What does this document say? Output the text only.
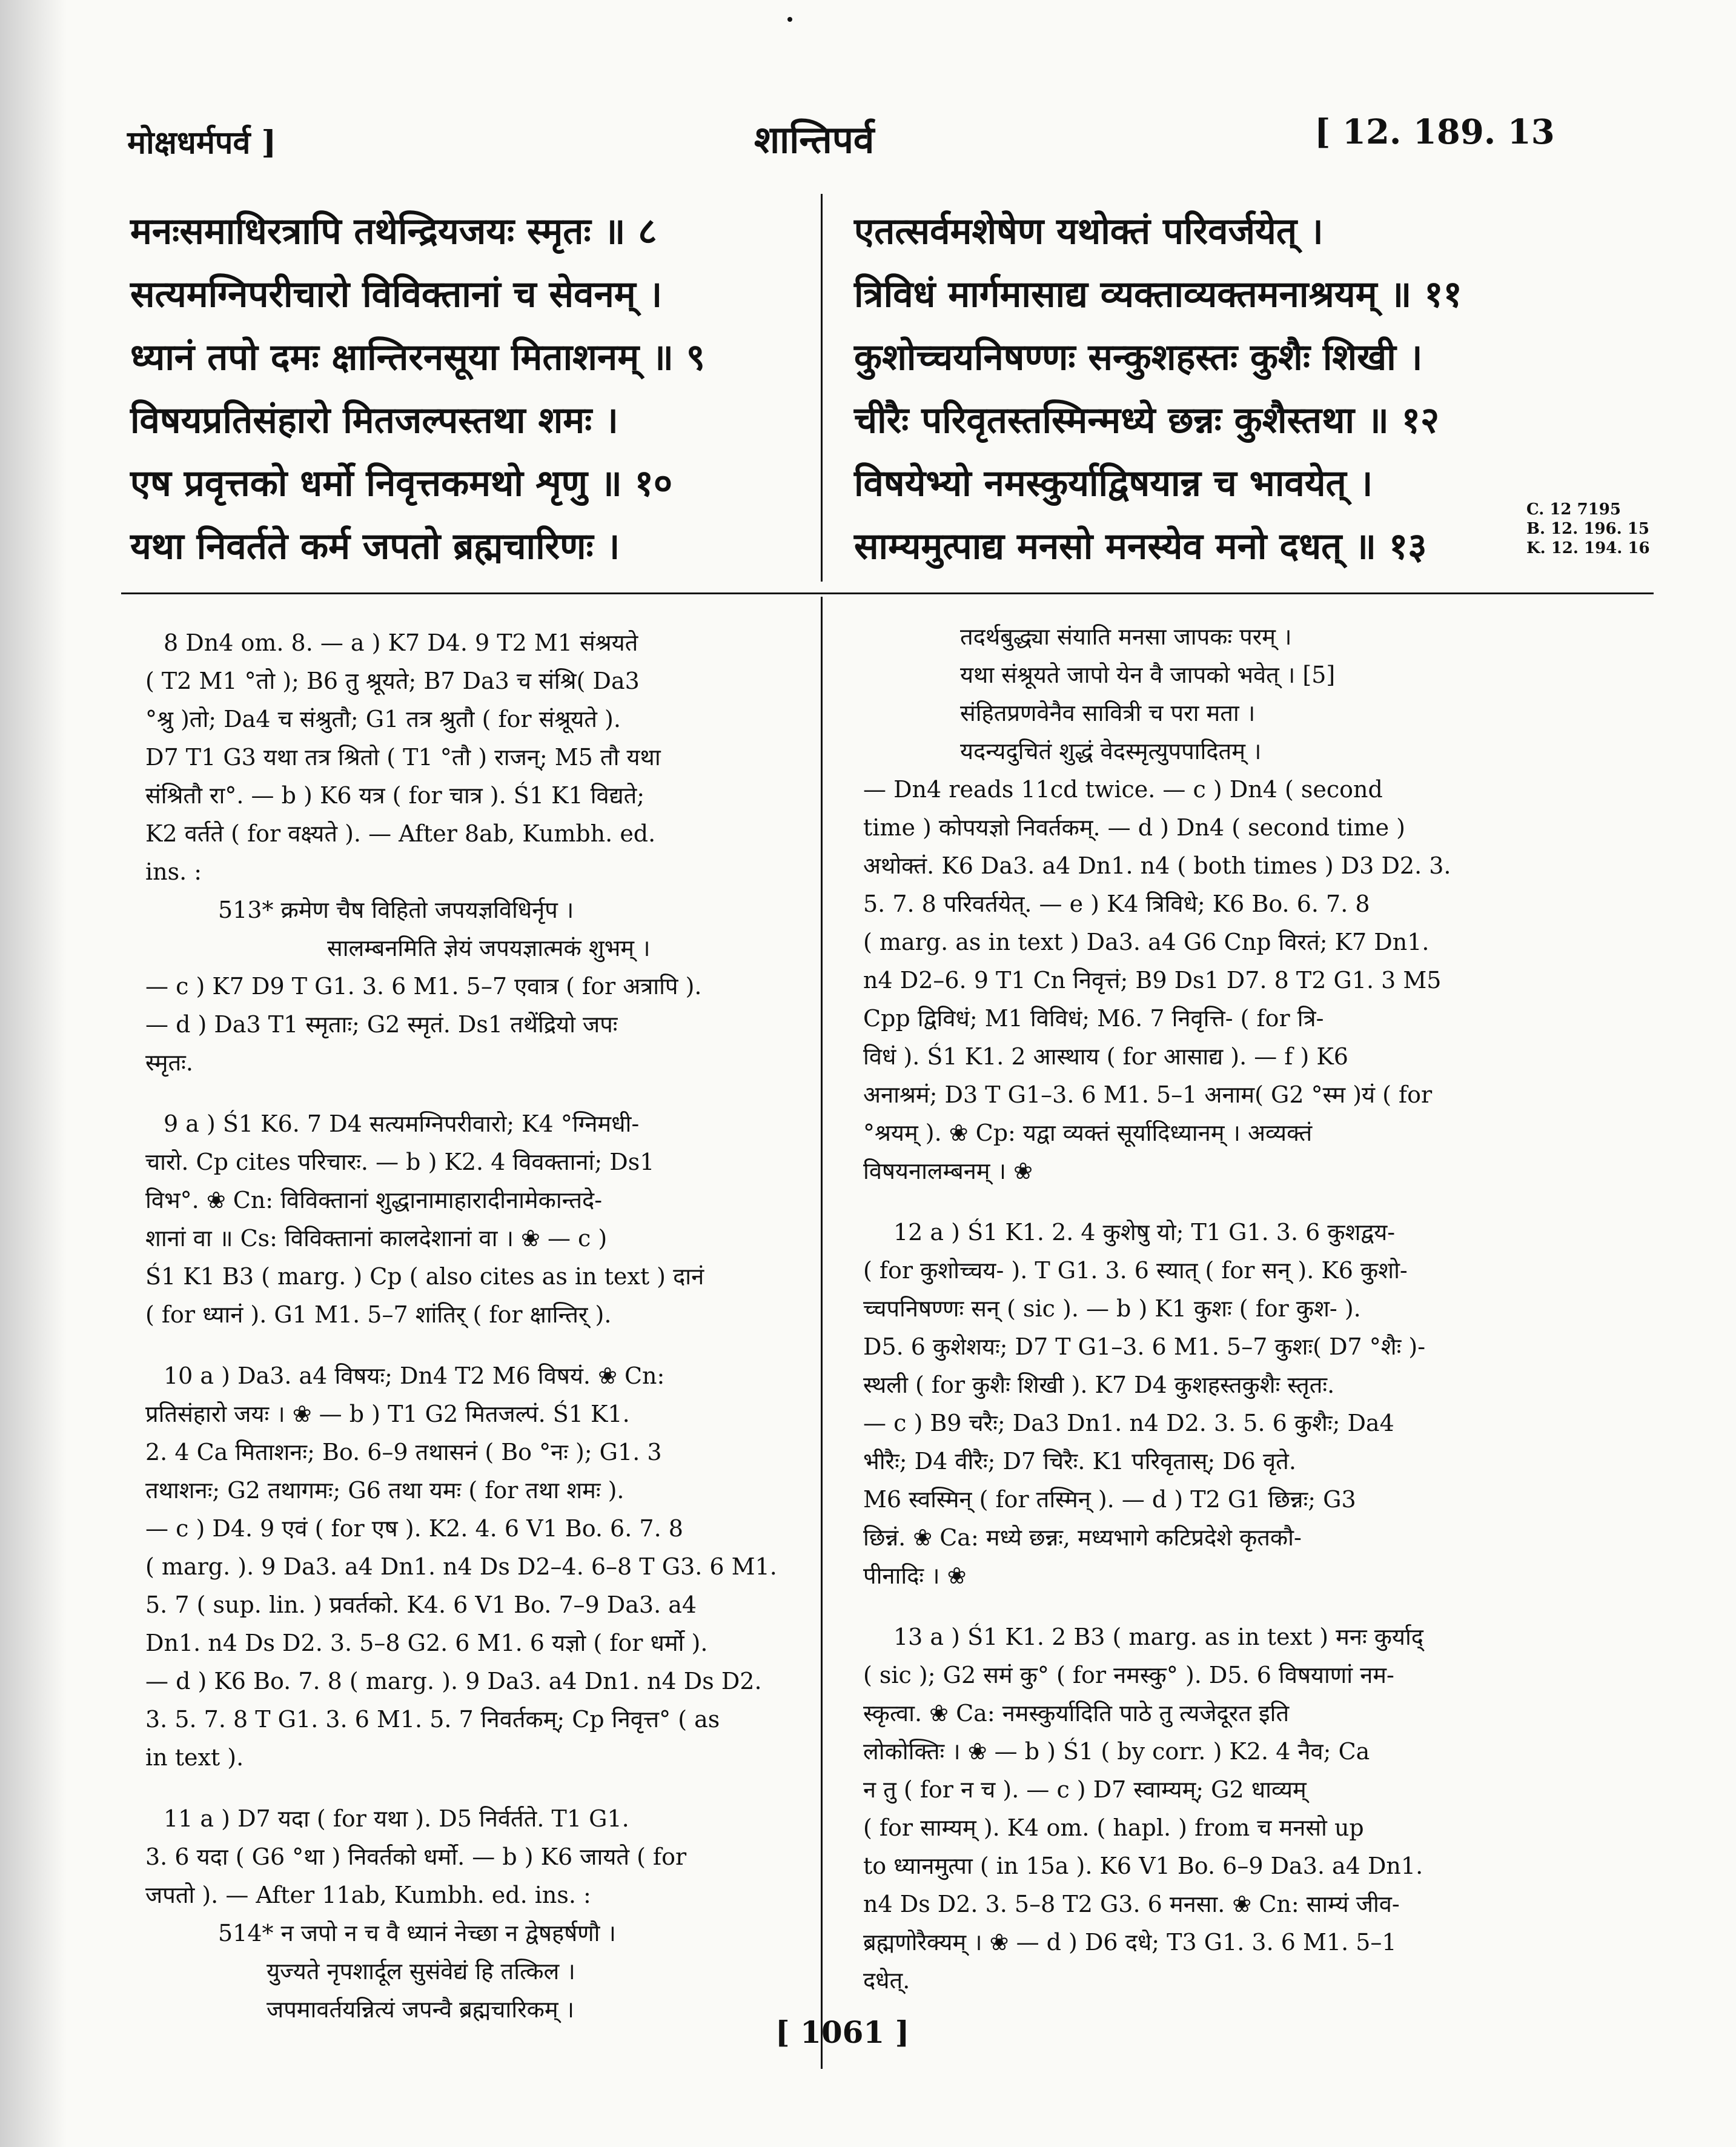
मोक्षधर्मपर्व ]	शान्तिपर्व	[ 12. 189. 13
मनःसमाधिरत्रापि तथेन्द्रियजयः स्मृतः ॥ ८
सत्यमग्निपरीचारो विविक्तानां च सेवनम् ।
ध्यानं तपो दमः क्षान्तिरनसूया मिताशनम् ॥ ९
विषयप्रतिसंहारो मितजल्पस्तथा शमः ।
एष प्रवृत्तको धर्मो निवृत्तकमथो शृणु ॥ १०
यथा निवर्तते कर्म जपतो ब्रह्मचारिणः ।
एतत्सर्वमशेषेण यथोक्तं परिवर्जयेत् ।
त्रिविधं मार्गमासाद्य व्यक्ताव्यक्तमनाश्रयम् ॥ ११
कुशोच्चयनिषण्णः सन्कुशहस्तः कुशैः शिखी ।
चीरैः परिवृतस्तस्मिन्मध्ये छन्नः कुशैस्तथा ॥ १२
विषयेभ्यो नमस्कुर्याद्विषयान्न च भावयेत् ।
साम्यमुत्पाद्य मनसो मनस्येव मनो दधत् ॥ १३
C. 12 7195
B. 12. 196. 15
K. 12. 194. 16

8 Dn4 om. 8. — a ) K7 D4. 9 T2 M1 संश्रयते

( T2 M1 °तो ); B6 तु श्रूयते; B7 Da3 च संश्रि( Da3

°श्रु )तो; Da4 च संश्रुतौ; G1 तत्र श्रुतौ ( for संश्रूयते ).

D7 T1 G3 यथा तत्र श्रितो ( T1 °तौ ) राजन्; M5 तौ यथा

संश्रितौ रा°. — b ) K6 यत्र ( for चात्र ). Ś1 K1 विद्यते;

K2 वर्तते ( for वक्ष्यते ). — After 8ab, Kumbh. ed.

ins. :

513* क्रमेण चैष विहितो जपयज्ञविधिर्नृप ।

सालम्बनमिति ज्ञेयं जपयज्ञात्मकं शुभम् ।

— c ) K7 D9 T G1. 3. 6 M1. 5–7 एवात्र ( for अत्रापि ).

— d ) Da3 T1 स्मृताः; G2 स्मृतं. Ds1 तथेंद्रियो जपः

स्मृतः.

9 a ) Ś1 K6. 7 D4 सत्यमग्निपरीवारो; K4 °ग्निमधी-

चारो. Cp cites परिचारः. — b ) K2. 4 विवक्तानां; Ds1

विभ°. ❀ Cn: विविक्तानां शुद्धानामाहारादीनामेकान्तदे-

शानां वा ॥ Cs: विविक्तानां कालदेशानां वा । ❀ — c )

Ś1 K1 B3 ( marg. ) Cp ( also cites as in text ) दानं

( for ध्यानं ). G1 M1. 5–7 शांतिर् ( for क्षान्तिर् ).

10 a ) Da3. a4 विषयः; Dn4 T2 M6 विषयं. ❀ Cn:

प्रतिसंहारो जयः । ❀ — b ) T1 G2 मितजल्पं. Ś1 K1.

2. 4 Ca मिताशनः; Bo. 6–9 तथासनं ( Bo °नः ); G1. 3

तथाशनः; G2 तथागमः; G6 तथा यमः ( for तथा शमः ).

— c ) D4. 9 एवं ( for एष ). K2. 4. 6 V1 Bo. 6. 7. 8

( marg. ). 9 Da3. a4 Dn1. n4 Ds D2–4. 6–8 T G3. 6 M1.

5. 7 ( sup. lin. ) प्रवर्तको. K4. 6 V1 Bo. 7–9 Da3. a4

Dn1. n4 Ds D2. 3. 5–8 G2. 6 M1. 6 यज्ञो ( for धर्मो ).

— d ) K6 Bo. 7. 8 ( marg. ). 9 Da3. a4 Dn1. n4 Ds D2.

3. 5. 7. 8 T G1. 3. 6 M1. 5. 7 निवर्तकम्; Cp निवृत्त° ( as

in text ).

11 a ) D7 यदा ( for यथा ). D5 निर्वर्तते. T1 G1.

3. 6 यदा ( G6 °था ) निवर्तको धर्मो. — b ) K6 जायते ( for

जपतो ). — After 11ab, Kumbh. ed. ins. :

514* न जपो न च वै ध्यानं नेच्छा न द्वेषहर्षणौ ।

युज्यते नृपशार्दूल सुसंवेद्यं हि तत्किल ।

जपमावर्तयन्नित्यं जपन्वै ब्रह्मचारिकम् ।

तदर्थबुद्ध्या संयाति मनसा जापकः परम् ।

यथा संश्रूयते जापो येन वै जापको भवेत् । [5]

संहितप्रणवेनैव सावित्री च परा मता ।

यदन्यदुचितं शुद्धं वेदस्मृत्युपपादितम् ।

— Dn4 reads 11cd twice. — c ) Dn4 ( second

time ) कोपयज्ञो निवर्तकम्. — d ) Dn4 ( second time )

अथोक्तं. K6 Da3. a4 Dn1. n4 ( both times ) D3 D2. 3.

5. 7. 8 परिवर्तयेत्. — e ) K4 त्रिविधे; K6 Bo. 6. 7. 8

( marg. as in text ) Da3. a4 G6 Cnp विरतं; K7 Dn1.

n4 D2–6. 9 T1 Cn निवृत्तं; B9 Ds1 D7. 8 T2 G1. 3 M5

Cpp द्विविधं; M1 विविधं; M6. 7 निवृत्ति- ( for त्रि-

विधं ). Ś1 K1. 2 आस्थाय ( for आसाद्य ). — f ) K6

अनाश्रमं; D3 T G1–3. 6 M1. 5–1 अनाम( G2 °स्म )यं ( for

°श्रयम् ). ❀ Cp: यद्वा व्यक्तं सूर्यादिध्यानम् । अव्यक्तं

विषयनालम्बनम् । ❀

12 a ) Ś1 K1. 2. 4 कुशेषु यो; T1 G1. 3. 6 कुशद्वय-

( for कुशोच्चय- ). T G1. 3. 6 स्यात् ( for सन् ). K6 कुशो-

च्चपनिषण्णः सन् ( sic ). — b ) K1 कुशः ( for कुश- ).

D5. 6 कुशेशयः; D7 T G1–3. 6 M1. 5–7 कुशः( D7 °शैः )-

स्थली ( for कुशैः शिखी ). K7 D4 कुशहस्तकुशैः स्तृतः.

— c ) B9 चरैः; Da3 Dn1. n4 D2. 3. 5. 6 कुशैः; Da4

भीरैः; D4 वीरैः; D7 चिरैः. K1 परिवृतास्; D6 वृते.

M6 स्वस्मिन् ( for तस्मिन् ). — d ) T2 G1 छिन्नः; G3

छिन्नं. ❀ Ca: मध्ये छन्नः, मध्यभागे कटिप्रदेशे कृतकौ-

पीनादिः । ❀

13 a ) Ś1 K1. 2 B3 ( marg. as in text ) मनः कुर्याद्

( sic ); G2 समं कु° ( for नमस्कु° ). D5. 6 विषयाणां नम-

स्कृत्वा. ❀ Ca: नमस्कुर्यादिति पाठे तु त्यजेदूरत इति

लोकोक्तिः । ❀ — b ) Ś1 ( by corr. ) K2. 4 नैव; Ca

न तु ( for न च ). — c ) D7 स्वाम्यम्; G2 धाव्यम्

( for साम्यम् ). K4 om. ( hapl. ) from च मनसो up

to ध्यानमुत्पा ( in 15a ). K6 V1 Bo. 6–9 Da3. a4 Dn1.

n4 Ds D2. 3. 5–8 T2 G3. 6 मनसा. ❀ Cn: साम्यं जीव-

ब्रह्मणोरैक्यम् । ❀ — d ) D6 दधे; T3 G1. 3. 6 M1. 5–1

दधेत्.

[ 1061 ]
